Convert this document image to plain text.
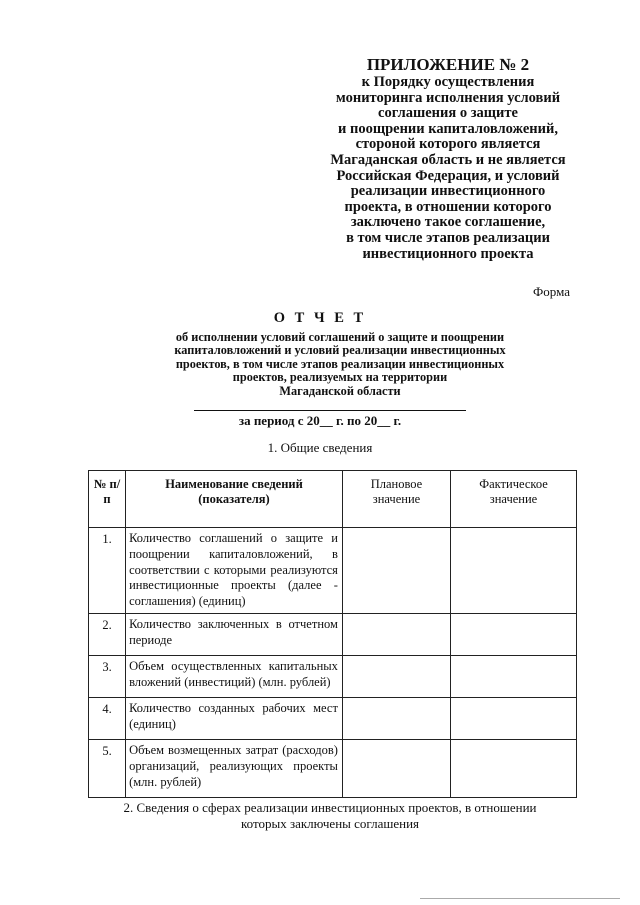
ПРИЛОЖЕНИЕ № 2
к Порядку осуществления
мониторинга исполнения условий
соглашения о защите
и поощрении капиталовложений,
стороной которого является
Магаданская область и не является
Российская Федерация, и условий
реализации инвестиционного
проекта, в отношении которого
заключено такое соглашение,
в том числе этапов реализации
инвестиционного проекта
Форма
О Т Ч Е Т
об исполнении условий соглашений о защите и поощрении
капиталовложений и условий реализации инвестиционных
проектов, в том числе этапов реализации инвестиционных
проектов, реализуемых на территории
Магаданской области
за период с 20__ г. по 20__ г.
1. Общие сведения
№ п/п	Наименование сведений (показателя)	Плановое значение	Фактическое значение
1.	Количество соглашений о защите и поощрении капиталовложений, в соответствии с которыми реализуются инвестиционные проекты (далее - соглашения) (единиц)		
2.	Количество заключенных в отчетном периоде		
3.	Объем осуществленных капитальных вложений (инвестиций) (млн. рублей)		
4.	Количество созданных рабочих мест (единиц)		
5.	Объем возмещенных затрат (расходов) организаций, реализующих проекты (млн. рублей)		
2. Сведения о сферах реализации инвестиционных проектов, в отношении которых заключены соглашения
